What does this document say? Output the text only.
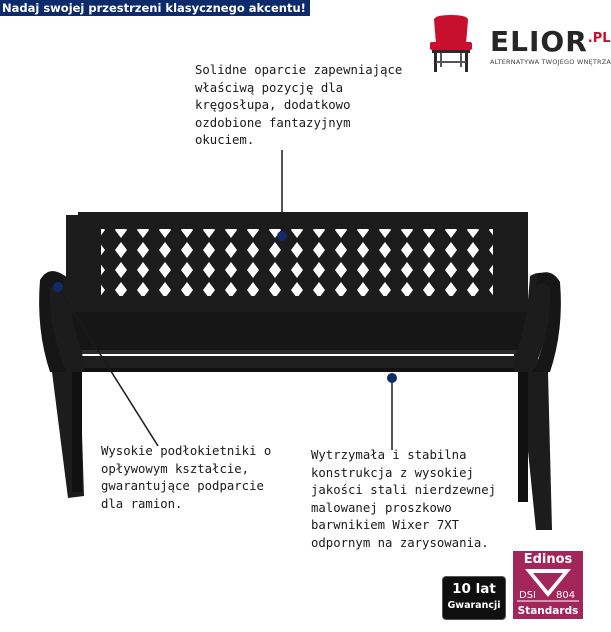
Nadaj swojej przestrzeni klasycznego akcentu!
$ELIOR^{.PL}$
ALTERNATYWA TWOJEGO WNĘTRZA
Solidne oparcie zapewniające
właściwą pozycję dla
kręgosłupa, dodatkowo
ozdobione fantazyjnym
okuciem.
Wysokie podłokietniki o
opływowym kształcie,
gwarantujące podparcie
dla ramion.
Wytrzymała i stabilna
konstrukcja z wysokiej
jakości stali nierdzewnej
malowanej proszkowo
barwnikiem Wixer 7XT
odpornym na zarysowania.
10 lat
Gwarancji
Edinos
DSI 804
Standards
